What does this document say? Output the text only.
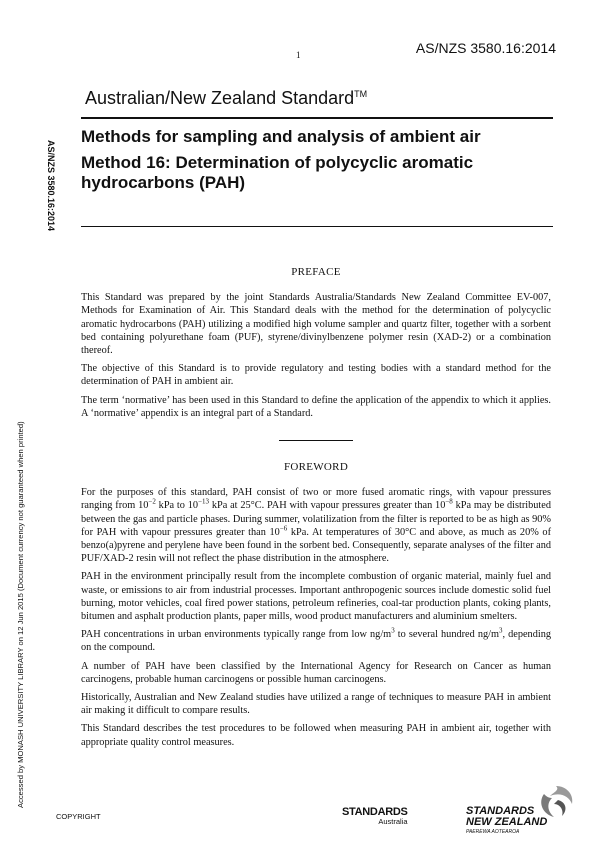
1	AS/NZS 3580.16:2014
Australian/New Zealand Standard™
AS/NZS 3580.16:2014
Accessed by MONASH UNIVERSITY LIBRARY on 12 Jun 2015 (Document currency not guaranteed when printed)

Methods for sampling and analysis of ambient air

Method 16: Determination of polycyclic aromatic hydrocarbons (PAH)

PREFACE

This Standard was prepared by the joint Standards Australia/Standards New Zealand Committee EV-007, Methods for Examination of Air. This Standard deals with the method for the determination of polycyclic aromatic hydrocarbons (PAH) utilizing a modified high volume sampler and quartz filter, together with a sorbent bed containing polyurethane foam (PUF), styrene/divinylbenzene polymer resin (XAD-2) or a combination thereof.

The objective of this Standard is to provide regulatory and testing bodies with a standard method for the determination of PAH in ambient air.

The term ‘normative’ has been used in this Standard to define the application of the appendix to which it applies. A ‘normative’ appendix is an integral part of a Standard.

FOREWORD

For the purposes of this standard, PAH consist of two or more fused aromatic rings, with vapour pressures ranging from $10^{-2}$ kPa to $10^{-13}$ kPa at 25°C. PAH with vapour pressures greater than $10^{-8}$ kPa may be distributed between the gas and particle phases. During summer, volatilization from the filter is reported to be as high as 90% for PAH with vapour pressures greater than $10^{-6}$ kPa. At temperatures of 30°C and above, as much as 20% of benzo(a)pyrene and perylene have been found in the sorbent bed. Consequently, separate analyses of the filter and PUF/XAD-2 resin will not reflect the phase distribution in the atmosphere.

PAH in the environment principally result from the incomplete combustion of organic material, mainly fuel and waste, or emissions to air from industrial processes. Important anthropogenic sources include domestic solid fuel burning, motor vehicles, coal fired power stations, petroleum refineries, coal-tar production plants, coking plants, bitumen and asphalt production plants, paper mills, wood product manufacturers and aluminium smelters.

PAH concentrations in urban environments typically range from low $ng/m^3$ to several hundred $ng/m^3$, depending on the compound.

A number of PAH have been classified by the International Agency for Research on Cancer as human carcinogens, probable human carcinogens or possible human carcinogens.

Historically, Australian and New Zealand studies have utilized a range of techniques to measure PAH in ambient air making it difficult to compare results.

This Standard describes the test procedures to be followed when measuring PAH in ambient air, together with appropriate quality control measures.

COPYRIGHT	STANDARDS
Australia
STANDARDS
NEW ZEALAND
PAEREWA AOTEAROA
